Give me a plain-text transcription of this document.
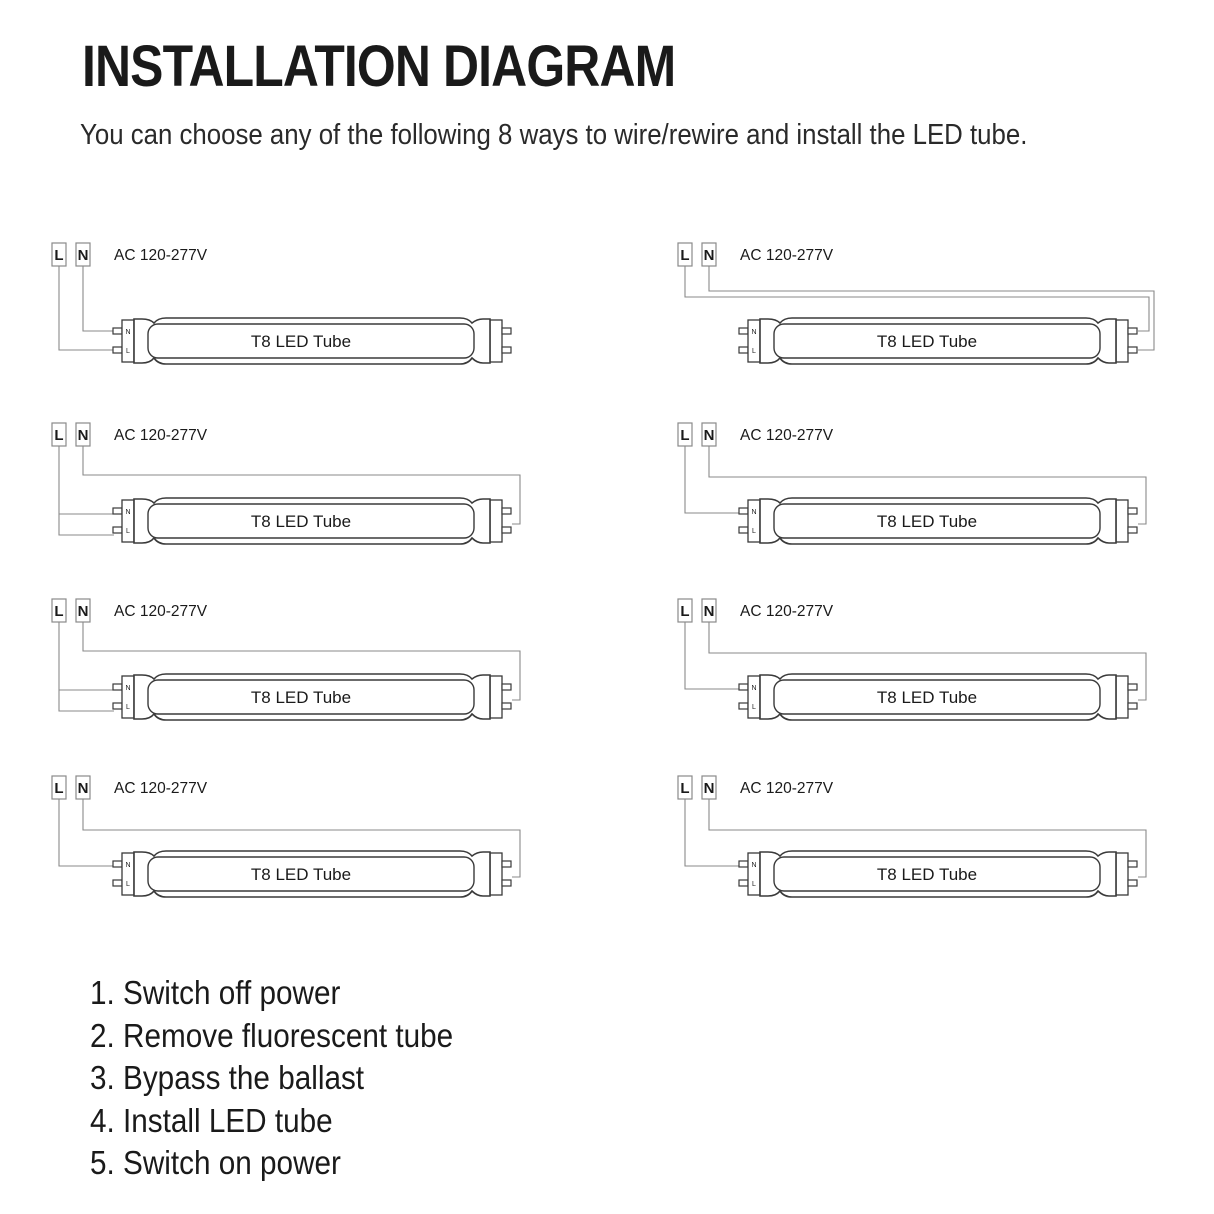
INSTALLATION DIAGRAM

You can choose any of the following 8 ways to wire/rewire and install the LED tube.

L N AC 120-277V
N
L
T8 LED Tube
L N AC 120-277V
N
L
T8 LED Tube
L N AC 120-277V
N
L
T8 LED Tube
L N AC 120-277V
N
L
T8 LED Tube
L N AC 120-277V
N
L
T8 LED Tube
L N AC 120-277V
N
L
T8 LED Tube
L N AC 120-277V
N
L
T8 LED Tube
L N AC 120-277V
N
L
T8 LED Tube
1. Switch off power
2. Remove fluorescent tube
3. Bypass the ballast
4. Install LED tube
5. Switch on power
